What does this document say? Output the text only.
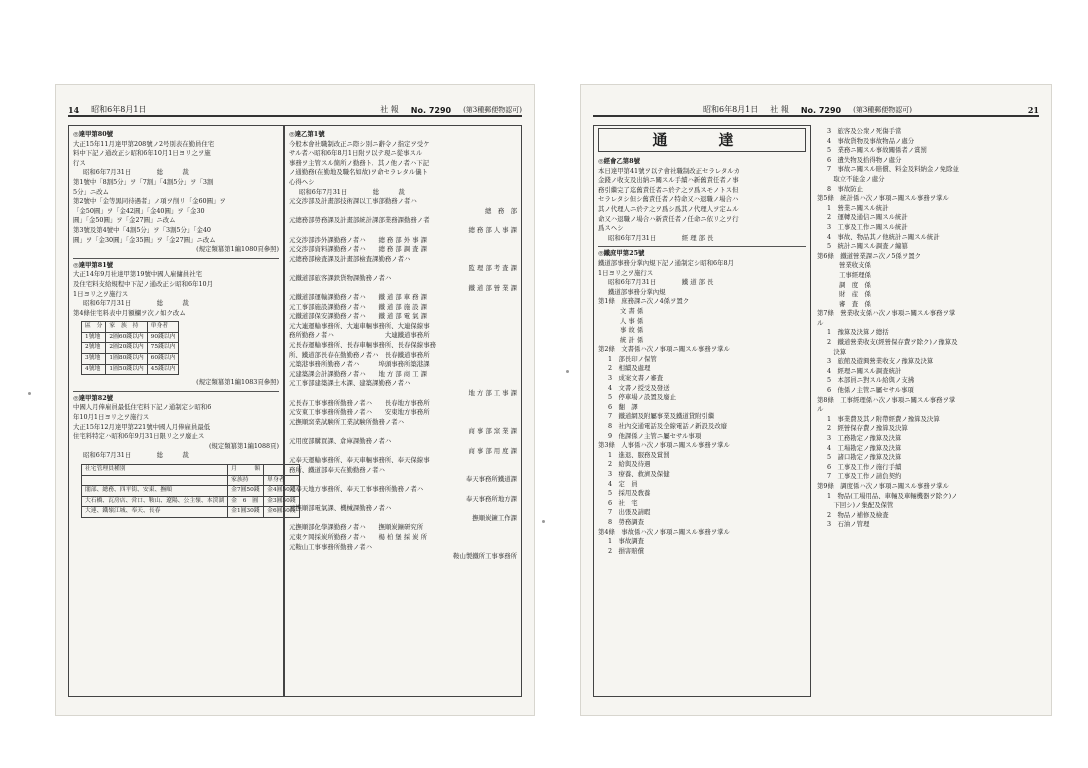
14 昭和6年8月1日	社 報 No. 7290 (第3種郵便物認可)
◎達甲第80號
大正15年11月達甲第208號ノ2号別表在勤員住宅
料中下記ノ通改正シ昭和6年10月1日ヨリ之ヲ施
行ス
昭和6年7月31日　　　　総　　　裁
第1號中「8割5分」ヲ「7割」「4割5分」ヲ「3割
5分」ニ改ム
第2號中「金等黒同待遇者」ノ項ヲ削リ「金60圓」ヲ
「金50圓」ヲ「金42圓」「金40圓」ヲ「金30
圓」「金50圓」ヲ「金27圓」ニ改ム
第3號及第4號中「4割5分」ヲ「3割5分」「金40
圓」ヲ「金30圓」「金35圓」ヲ「金27圓」ニ改ム
(規定類纂第1編1080頁參照)
◎達甲第81號
大正14年9月社達甲第19號中國人雇傭員社宅
及住宅料支給規程中下記ノ通改正シ昭和6年10月
1日ヨリ之ヲ施行ス
昭和6年7月31日　　　　総　　　裁
第4條住宅料表中月額欄ヲ次ノ如ク改ム
區　分	家　族　持	単身者
1號地	2圓60錢以内	90錢以内
2號地	2圓20錢以内	75錢以内
3號地	1圓80錢以内	60錢以内
4號地	1圓50錢以内	45錢以内
(規定類纂第1編1083頁參照)
◎達甲第82號
中國人月俸雇員最低住宅料下記ノ通制定シ昭和6
年10月1日ヨリ之ヲ施行ス
大正15年12月達甲第221號中國人月俸雇員最低
住宅料特定ハ昭和6年9月31日限リ之ヲ廢止ス
(規定類纂第1編1088頁)
昭和6年7月31日　　　　総　　　裁
社宅管理員種別	月　　　額	
	家族持	単身者
閣部、總務、四平街、安東、撫順	金7圓50錢	金4圓50錢
大石橋、瓦房店、営口、鞍山、遼陽、公主嶺、本渓湖	金　6　圓	金3圓50錢
大連、鐵嶺江城、奉天、長春	金1圓30錢	金6圓50錢
◎達乙第1號
今般本會社職制改正ニ際シ別ニ辭令ノ指定ヲ受ケ
サル者ハ昭和6年8月1日附ヲ以テ現ニ從事スル
事務ヲ主管スル箇所ノ勤務ト．其ノ他ノ者ハ下記
ノ通勤務(在勤地及職名如故)ヲ命セラレタル儀ト
心得ヘシ
昭和6年7月31日　　　　総　　　裁
元交渉部及計畫部技術課以工事部勤務ノ者ハ
總　務　部
元總務部勞務課及計畫部統計課部業務課勤務ノ者
總 務 部 人 事 課
元交渉部渉外課勤務ノ者ハ　　總 務 部 外 事 課
元交渉部資料課勤務ノ者ハ　　總 務 部 調 査 課
元總務部檢査課及計畫部檢査課勤務ノ者ハ
監 理 部 考 査 課
元鐵道部旅客課鉄貨物課勤務ノ者ハ
鐵 道 部 營 業 課
元鐵道部運輸課勤務ノ者ハ　　鐵 道 部 車 務 課
元工事部施設課勤務ノ者ハ　　鐵 道 部 施 設 課
元鐵道部保安課勤務ノ者ハ　　鐵 道 部 電 氣 課
元大連運輸事務所、大連車輛事務所、大連保線事
務所勤務ノ者ハ　　　　　　　　大連鐵道事務所
元長春運輸事務所、長春車輛事務所、長春保線事務
所、鐵道部長春在勤勤務ノ者ハ　長春鐵道事務所
元築港事務所勤務ノ者ハ　　　埠頭事務所築港課
元建築課会計課勤務ノ者ハ　　地 方 部 商 工 課
元工事部建築課土木課、建築課勤務ノ者ハ
地 方 部 工 事 課
元長春工事事務所勤務ノ者ハ　　長春地方事務所
元安東工事事務所勤務ノ者ハ　　安東地方事務所
元撫順窯業試験所工業試験所勤務ノ者ハ
商 事 部 窯 業 課
元用度部購買課、倉庫課勤務ノ者ハ
商 事 部 用 度 課
元奉天運輸事務所、奉天車輛事務所、奉天保線事
務所、鐵道部奉天在勤勤務ノ者ハ
奉天事務所鐵道課
元奉天地方事務所、奉天工事事務所勤務ノ者ハ
奉天事務所地方課
元撫順部電氣課、機械課勤務ノ者ハ
撫順炭鑛工作課
元撫順部化學課勤務ノ者ハ　　撫順炭鑛研究所
元東ケ岡採炭所勤務ノ者ハ　　楊 柏 堡 採 炭 所
元鞍山工事事務所勤務ノ者ハ
鞍山製鐵所工事事務所
昭和6年8月1日 社 報 No. 7290 (第3種郵便物認可)	21
通　達
◎經會乙第8號
本日達甲第41號ヲ以テ會社職制改正セラレタルカ
金錢ノ收支及出納ニ關スル手續ハ新舊責任者ノ事
務引繼完了迄舊責任者ニ於テ之ヲ爲スモノトス但
セラレタシ但シ舊責任者ノ特命又ハ退職ノ場合ハ
其ノ代理人ニ於テ之ヲ爲シ爲其ノ代理人ヲ定ムル
命又ハ退職ノ場合ハ新責任者ノ任命ニ依リ之ヲ行
爲スヘシ
昭和6年7月31日　　　　經 理 部 長
◎鐵庶甲第25號
鐵道部事務分掌內規下記ノ通制定シ昭和6年8月
1日ヨリ之ヲ施行ス
昭和6年7月31日　　　　鐵 道 部 長
鐵道部事務分掌內規
第1條　庶務課ニ次ノ4係ヲ置ク
文 書 係
人 事 係
事 故 係
統 計 係
第2條　文書係ハ次ノ事項ニ關スル事務ヲ掌ル
1　部長印ノ保管
2　相續及處理
3　成案文書ノ審査
4　文書ノ授受及發送
5　停車場ノ設置及廢止
6　翻　譯
7　鐵道網及附屬事業及鐵道貸附引繼
8　社內交通電話及全線電話ノ新設及改廢
9　他課係ノ主管ニ屬セサル事項
第3條　人事係ハ次ノ事項ニ關スル事務ヲ掌ル
1　進退、服務及賞罰
2　給與及待遇
3　療養、救濟及保健
4　定　員
5　採用及敎養
6　社　宅
7　出張及請暇
8　勞務調查
第4條　事故係ハ次ノ事項ニ關スル事務ヲ掌ル
1　事故調査
2　損害賠償
3　旅客及公衆ノ死傷手當
4　事故貨物及事故物品ノ處分
5　業務ニ關スル事故關係者ノ賞罰
6　遺失物及拾得物ノ處分
7　事故ニ關スル賠償、料金及料納金ノ免除並
　取立不能金ノ處分
8　事故防止
第5條　統計係ハ次ノ事項ニ關スル事務ヲ掌ル
1　營業ニ關スル統計
2　運轉及通信ニ關スル統計
3　工事及工作ニ關スル統計
4　事故、物品其ノ他統計ニ關スル統計
5　統計ニ關スル調査ノ編纂
第6條　鐵道營業課ニ次ノ5係ヲ置ク
營業收支係
工事經理係
調　度　係
財　産　係
審　査　係
第7條　營業收支係ハ次ノ事項ニ關スル事務ヲ掌
ル
1　豫算及決算ノ總括
2　鐵道營業收支(經營保存費ヲ除ク)ノ豫算及
　決算
3　旅館及遊興營業收支ノ豫算及決算
4　經理ニ關スル調査統計
5　本部員ニ對スル給與ノ支拂
6　他係ノ主管ニ屬セサル事項
第8條　工事經理係ハ次ノ事項ニ關スル事務ヲ掌
ル
1　事業費及其ノ附帶經費ノ豫算及決算
2　經營保存費ノ豫算及決算
3　工務勘定ノ豫算及決算
4　工場勘定ノ豫算及決算
5　諸口勘定ノ豫算及決算
6　工事及工作ノ施行手續
7　工事及工作ノ請負契約
第9條　調度係ハ次ノ事項ニ關スル事務ヲ掌ル
1　物品(工場用品、車輛及車輛機器ヲ除ク)ノ
　下回シ)ノ集配及保管
2　物品ノ補修及檢査
3　石油ノ管理
